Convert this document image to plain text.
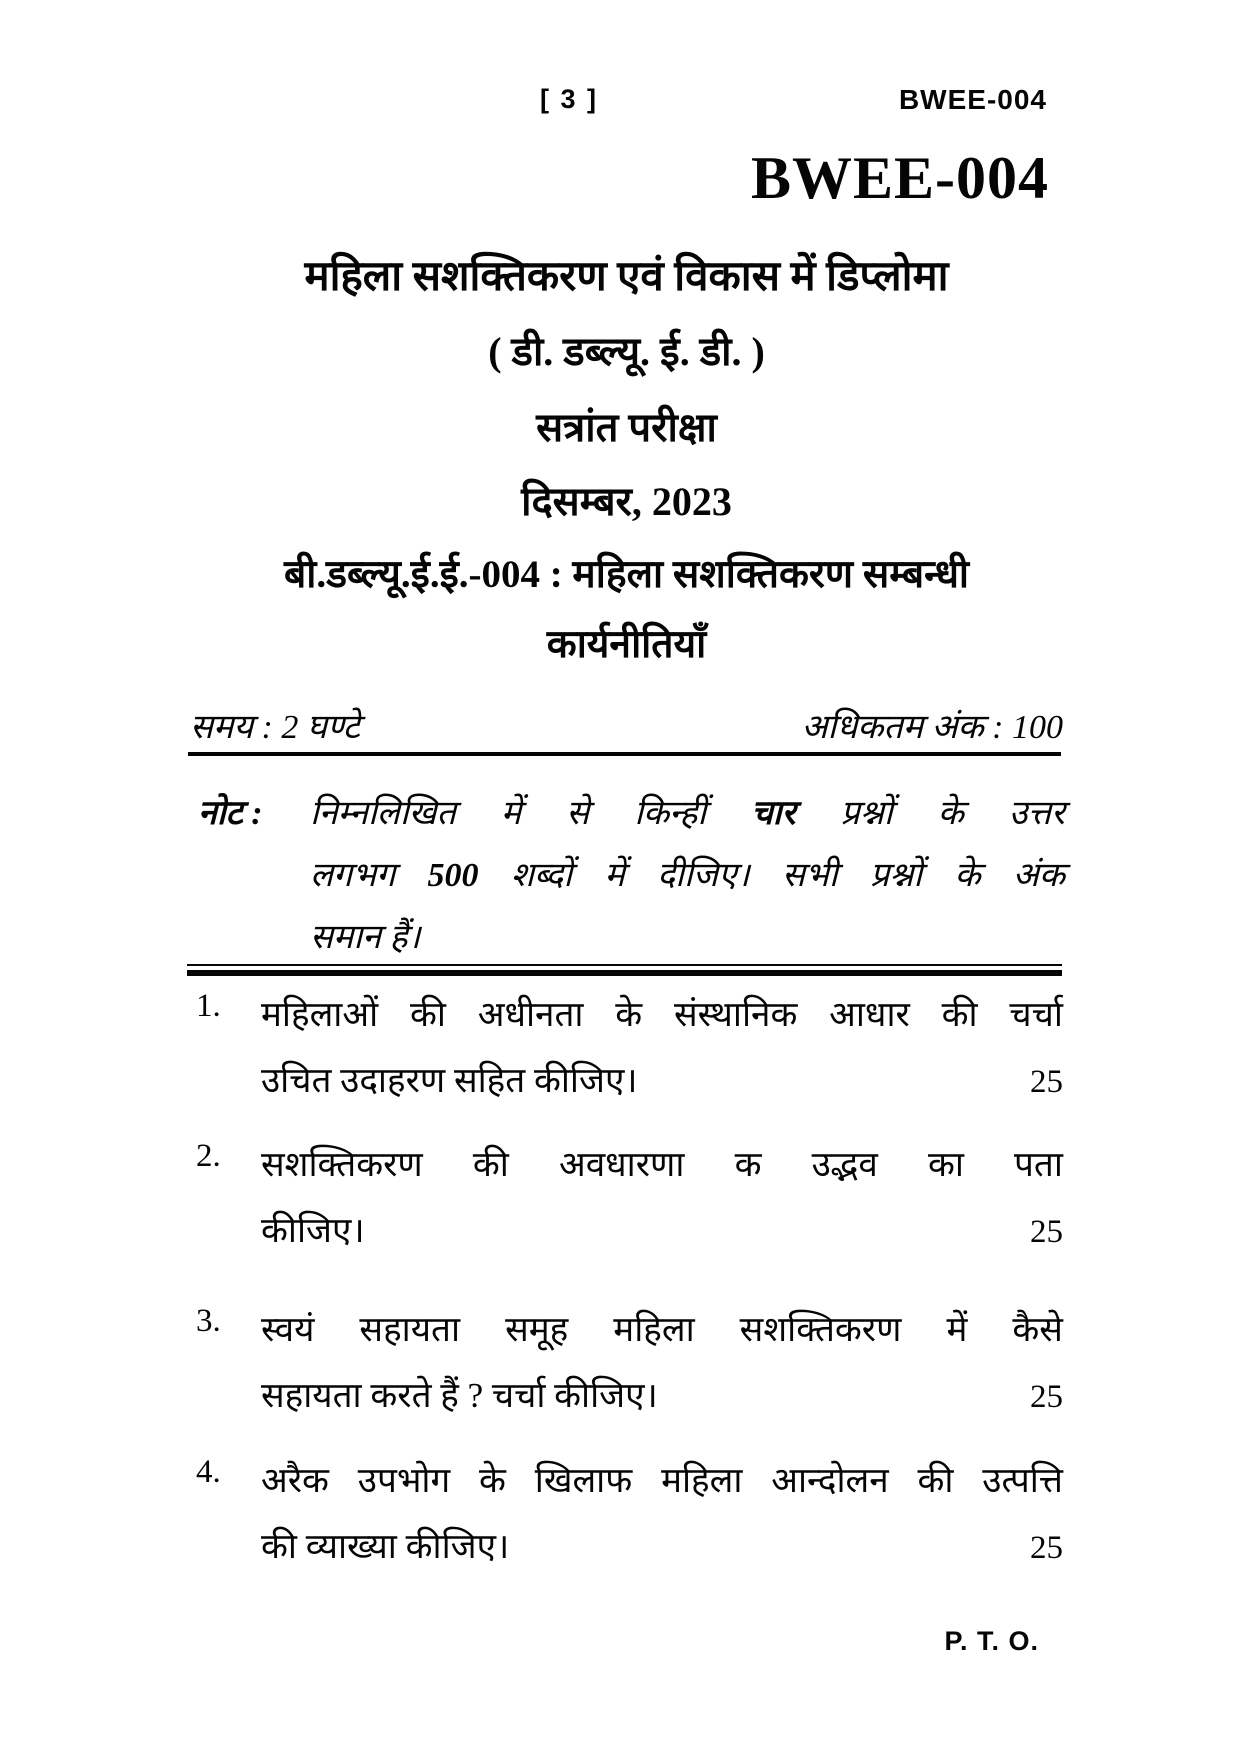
[ 3 ]	BWEE-004
BWEE-004
महिला सशक्तिकरण एवं विकास में डिप्लोमा
( डी. डब्ल्यू. ई. डी. )
सत्रांत परीक्षा
दिसम्बर, 2023
बी.डब्ल्यू.ई.ई.-004 : महिला सशक्तिकरण सम्बन्धी
कार्यनीतियाँ
समय : 2 घण्टे	अधिकतम अंक : 100
नोट : निम्नलिखित में से किन्हीं चार प्रश्नों के उत्तर
लगभग 500 शब्दों में दीजिए। सभी प्रश्नों के अंक
समान हैं।
1.	महिलाओं की अधीनता के संस्थानिक आधार की चर्चा
उचित उदाहरण सहित कीजिए।	25
2.	सशक्तिकरण की अवधारणा क उद्भव का पता
कीजिए।	25
3.	स्वयं सहायता समूह महिला सशक्तिकरण में कैसे
सहायता करते हैं ? चर्चा कीजिए।	25
4.	अरैक उपभोग के खिलाफ महिला आन्दोलन की उत्पत्ति
की व्याख्या कीजिए।	25
P. T. O.
